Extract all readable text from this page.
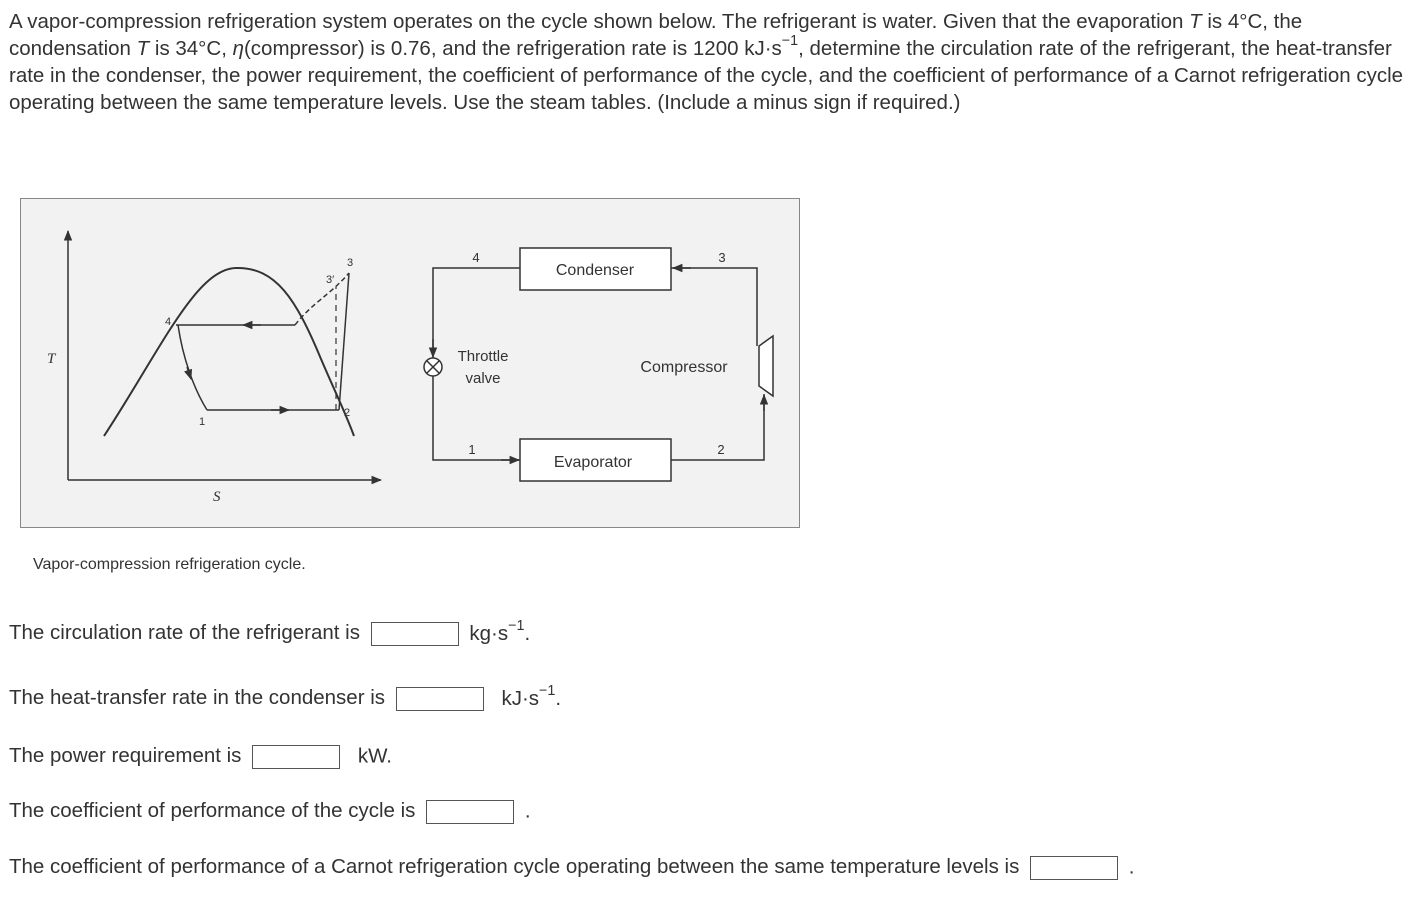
A vapor-compression refrigeration system operates on the cycle shown below. The refrigerant is water. Given that the evaporation T is 4°C, the condensation T is 34°C, η(compressor) is 0.76, and the refrigeration rate is 1200 $kJ\cdot s^{-1}$, determine the circulation rate of the refrigerant, the heat-transfer rate in the condenser, the power requirement, the coefficient of performance of the cycle, and the coefficient of performance of a Carnot refrigeration cycle operating between the same temperature levels. Use the steam tables. (Include a minus sign if required.)

T
S
4
1
2
3
3′
Condenser
Evaporator
Compressor
Throttle
valve
4	3
1	2
Vapor-compression refrigeration cycle.
The circulation rate of the refrigerant is	$kg\cdot s^{-1}$.
The heat-transfer rate in the condenser is	$kJ\cdot s^{-1}$.
The power requirement is	kW.
The coefficient of performance of the cycle is	.
The coefficient of performance of a Carnot refrigeration cycle operating between the same temperature levels is	.
